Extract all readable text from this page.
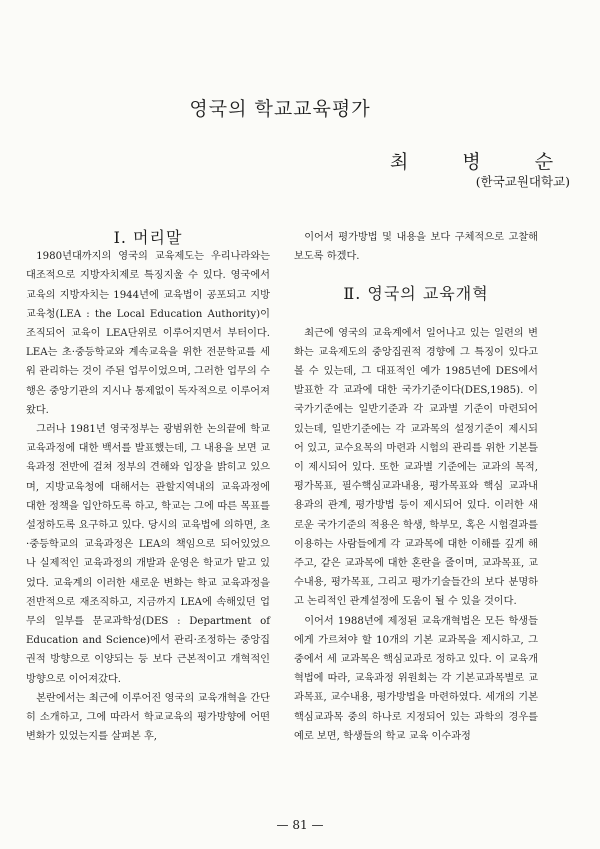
영국의 학교교육평가
최 병 순
(한국교원대학교)

Ⅰ. 머리말

1980년대까지의 영국의 교육제도는 우리나라와는 대조적으로 지방자치제로 특징지울 수 있다. 영국에서 교육의 지방자치는 1944년에 교육법이 공포되고 지방교육청(LEA : the Local Education Authority)이 조직되어 교육이 LEA단위로 이루어지면서 부터이다. LEA는 초·중등학교와 계속교육을 위한 전문학교를 세워 관리하는 것이 주된 업무이었으며, 그러한 업무의 수행은 중앙기관의 지시나 통제없이 독자적으로 이루어져 왔다.

그러나 1981년 영국정부는 광범위한 논의끝에 학교교육과정에 대한 백서를 발표했는데, 그 내용을 보면 교육과정 전반에 걸쳐 정부의 견해와 입장을 밝히고 있으며, 지방교육청에 대해서는 관할지역내의 교육과정에 대한 정책을 입안하도록 하고, 학교는 그에 따른 목표를 설정하도록 요구하고 있다. 당시의 교육법에 의하면, 초·중등학교의 교육과정은 LEA의 책임으로 되어있었으나 실제적인 교육과정의 개발과 운영은 학교가 맡고 있었다. 교육계의 이러한 새로운 변화는 학교 교육과정을 전반적으로 재조직하고, 지금까지 LEA에 속해있던 업무의 일부를 문교과학성(DES : Department of Education and Science)에서 관리·조정하는 중앙집권적 방향으로 이양되는 등 보다 근본적이고 개혁적인 방향으로 이어져갔다.

본란에서는 최근에 이루어진 영국의 교육개혁을 간단히 소개하고, 그에 따라서 학교교육의 평가방향에 어떤 변화가 있었는지를 살펴본 후,

이어서 평가방법 및 내용을 보다 구체적으로 고찰해 보도록 하겠다.

Ⅱ. 영국의 교육개혁

최근에 영국의 교육계에서 일어나고 있는 일련의 변화는 교육제도의 중앙집권적 경향에 그 특징이 있다고 볼 수 있는데, 그 대표적인 예가 1985년에 DES에서 발표한 각 교과에 대한 국가기준이다(DES,1985). 이 국가기준에는 일반기준과 각 교과별 기준이 마련되어 있는데, 일반기준에는 각 교과목의 설정기준이 제시되어 있고, 교수요목의 마련과 시험의 관리를 위한 기본틀이 제시되어 있다. 또한 교과별 기준에는 교과의 목적, 평가목표, 필수핵심교과내용, 평가목표와 핵심 교과내용과의 관계, 평가방법 등이 제시되어 있다. 이러한 새로운 국가기준의 적용은 학생, 학부모, 혹은 시험결과를 이용하는 사람들에게 각 교과목에 대한 이해를 깊게 해주고, 같은 교과목에 대한 혼란을 줄이며, 교과목표, 교수내용, 평가목표, 그리고 평가기술들간의 보다 분명하고 논리적인 관계설정에 도움이 될 수 있을 것이다.

이어서 1988년에 제정된 교육개혁법은 모든 학생들에게 가르쳐야 할 10개의 기본 교과목을 제시하고, 그 중에서 세 교과목은 핵심교과로 정하고 있다. 이 교육개혁법에 따라, 교육과정 위원회는 각 기본교과목별로 교과목표, 교수내용, 평가방법을 마련하였다. 세개의 기본 핵심교과목 중의 하나로 지정되어 있는 과학의 경우를 예로 보면, 학생들의 학교 교육 이수과정

— 81 —
